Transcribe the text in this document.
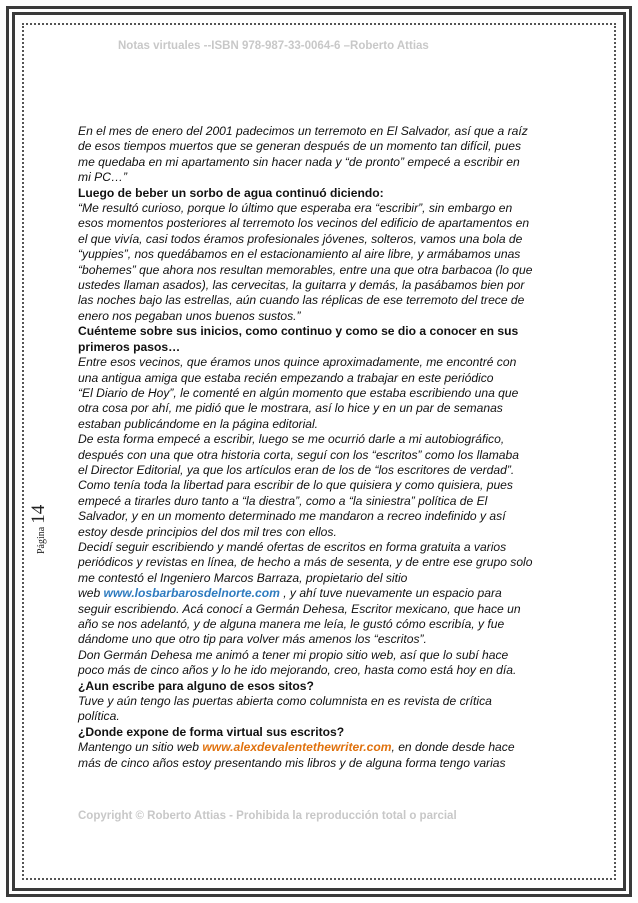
Notas virtuales --ISBN 978-987-33-0064-6 –Roberto Attias
Página
14
En el mes de enero del 2001 padecimos un terremoto en El Salvador, así que a raíz
de esos tiempos muertos que se generan después de un momento tan difícil, pues
me quedaba en mi apartamento sin hacer nada y “de pronto” empecé a escribir en
mi PC…”
Luego de beber un sorbo de agua continuó diciendo:
“Me resultó curioso, porque lo último que esperaba era “escribir”, sin embargo en
esos momentos posteriores al terremoto los vecinos del edificio de apartamentos en
el que vivía, casi todos éramos profesionales jóvenes, solteros, vamos una bola de
“yuppies”, nos quedábamos en el estacionamiento al aire libre, y armábamos unas
“bohemes” que ahora nos resultan memorables, entre una que otra barbacoa (lo que
ustedes llaman asados), las cervecitas, la guitarra y demás, la pasábamos bien por
las noches bajo las estrellas, aún cuando las réplicas de ese terremoto del trece de
enero nos pegaban unos buenos sustos.”
Cuénteme sobre sus inicios, como continuo y como se dio a conocer en sus
primeros pasos…
Entre esos vecinos, que éramos unos quince aproximadamente, me encontré con
una antigua amiga que estaba recién empezando a trabajar en este periódico
“El Diario de Hoy”, le comenté en algún momento que estaba escribiendo una que
otra cosa por ahí, me pidió que le mostrara, así lo hice y en un par de semanas
estaban publicándome en la página editorial.
De esta forma empecé a escribir, luego se me ocurrió darle a mi autobiográfico,
después con una que otra historia corta, seguí con los “escritos” como los llamaba
el Director Editorial, ya que los artículos eran de los de “los escritores de verdad”.
Como tenía toda la libertad para escribir de lo que quisiera y como quisiera, pues
empecé a tirarles duro tanto a “la diestra”, como a “la siniestra” política de El
Salvador, y en un momento determinado me mandaron a recreo indefinido y así
estoy desde principios del dos mil tres con ellos.
Decidí seguir escribiendo y mandé ofertas de escritos en forma gratuita a varios
periódicos y revistas en línea, de hecho a más de sesenta, y de entre ese grupo solo
me contestó el Ingeniero Marcos Barraza, propietario del sitio
web www.losbarbarosdelnorte.com , y ahí tuve nuevamente un espacio para
seguir escribiendo. Acá conocí a Germán Dehesa, Escritor mexicano, que hace un
año se nos adelantó, y de alguna manera me leía, le gustó cómo escribía, y fue
dándome uno que otro tip para volver más amenos los “escritos”.
Don Germán Dehesa me animó a tener mi propio sitio web, así que lo subí hace
poco más de cinco años y lo he ido mejorando, creo, hasta como está hoy en día.
¿Aun escribe para alguno de esos sitos?
Tuve y aún tengo las puertas abierta como columnista en es revista de crítica
política.
¿Donde expone de forma virtual sus escritos?
Mantengo un sitio web www.alexdevalentethewriter.com, en donde desde hace
más de cinco años estoy presentando mis libros y de alguna forma tengo varias
Copyright © Roberto Attias - Prohibida la reproducción total o parcial
